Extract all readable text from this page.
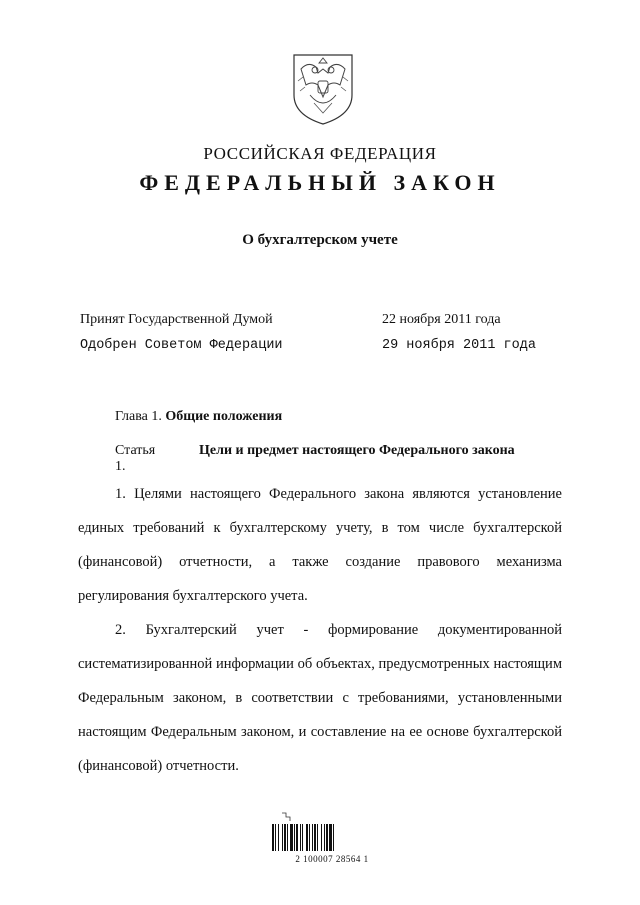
РОССИЙСКАЯ ФЕДЕРАЦИЯ
ФЕДЕРАЛЬНЫЙ ЗАКОН
О бухгалтерском учете
Принят Государственной Думой	22 ноября 2011 года
Одобрен Советом Федерации	29 ноября 2011 года
Глава 1. Общие положения
Статья 1.
Цели и предмет настоящего Федерального закона
1. Целями настоящего Федерального закона являются установление единых требований к бухгалтерскому учету, в том числе бухгалтерской (финансовой) отчетности, а также создание правового механизма регулирования бухгалтерского учета.
2. Бухгалтерский учет - формирование документированной систематизированной информации об объектах, предусмотренных настоящим Федеральным законом, в соответствии с требованиями, установленными настоящим Федеральным законом, и составление на ее основе бухгалтерской (финансовой) отчетности.
2 100007 28564 1
